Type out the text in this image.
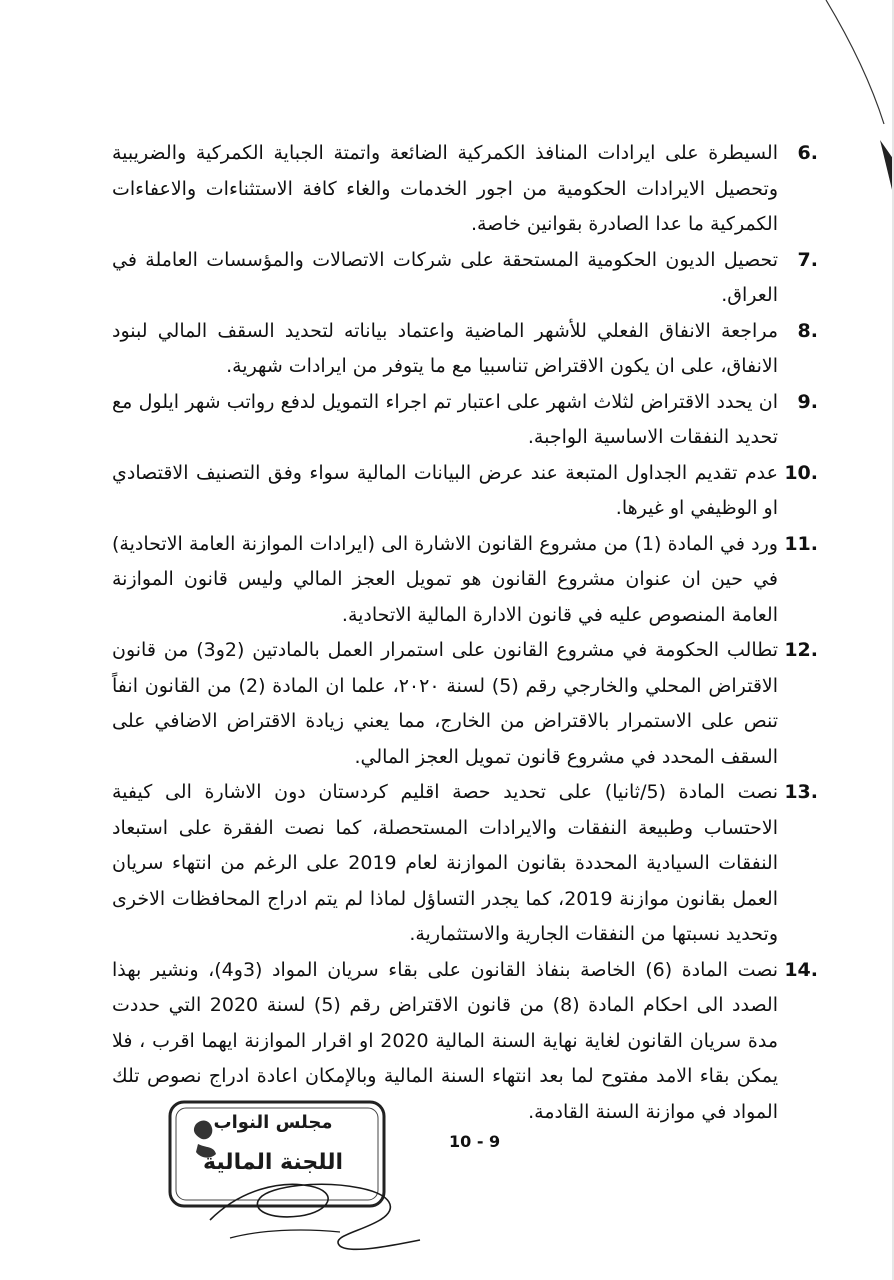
6.
السيطرة على ايرادات المنافذ الكمركية الضائعة واتمتة الجباية الكمركية والضريبية وتحصيل الايرادات الحكومية من اجور الخدمات والغاء كافة الاستثناءات والاعفاءات الكمركية ما عدا الصادرة بقوانين خاصة.
7.
تحصيل الديون الحكومية المستحقة على شركات الاتصالات والمؤسسات العاملة في العراق.
8.
مراجعة الانفاق الفعلي للأشهر الماضية واعتماد بياناته لتحديد السقف المالي لبنود الانفاق، على ان يكون الاقتراض تناسبيا مع ما يتوفر من ايرادات شهرية.
9.
ان يحدد الاقتراض لثلاث اشهر على اعتبار تم اجراء التمويل لدفع رواتب شهر ايلول مع تحديد النفقات الاساسية الواجبة.
10.
عدم تقديم الجداول المتبعة عند عرض البيانات المالية سواء وفق التصنيف الاقتصادي او الوظيفي او غيرها.
11.
ورد في المادة (1) من مشروع القانون الاشارة الى (ايرادات الموازنة العامة الاتحادية) في حين ان عنوان مشروع القانون هو تمويل العجز المالي وليس قانون الموازنة العامة المنصوص عليه في قانون الادارة المالية الاتحادية.
12.
تطالب الحكومة في مشروع القانون على استمرار العمل بالمادتين (2و3) من قانون الاقتراض المحلي والخارجي رقم (5) لسنة ٢٠٢٠، علما ان المادة (2) من القانون انفاً تنص على الاستمرار بالاقتراض من الخارج، مما يعني زيادة الاقتراض الاضافي على السقف المحدد في مشروع قانون تمويل العجز المالي.
13.
نصت المادة (5/ثانيا) على تحديد حصة اقليم كردستان دون الاشارة الى كيفية الاحتساب وطبيعة النفقات والايرادات المستحصلة، كما نصت الفقرة على استبعاد النفقات السيادية المحددة بقانون الموازنة لعام 2019 على الرغم من انتهاء سريان العمل بقانون موازنة 2019، كما يجدر التساؤل لماذا لم يتم ادراج المحافظات الاخرى وتحديد نسبتها من النفقات الجارية والاستثمارية.
14.
نصت المادة (6) الخاصة بنفاذ القانون على بقاء سريان المواد (3و4)، ونشير بهذا الصدد الى احكام المادة (8) من قانون الاقتراض رقم (5) لسنة 2020 التي حددت مدة سريان القانون لغاية نهاية السنة المالية 2020 او اقرار الموازنة ايهما اقرب ، فلا يمكن بقاء الامد مفتوح لما بعد انتهاء السنة المالية وبالإمكان اعادة ادراج نصوص تلك المواد في موازنة السنة القادمة.
مجلس النواب
اللجنة المالية
10 - 9
